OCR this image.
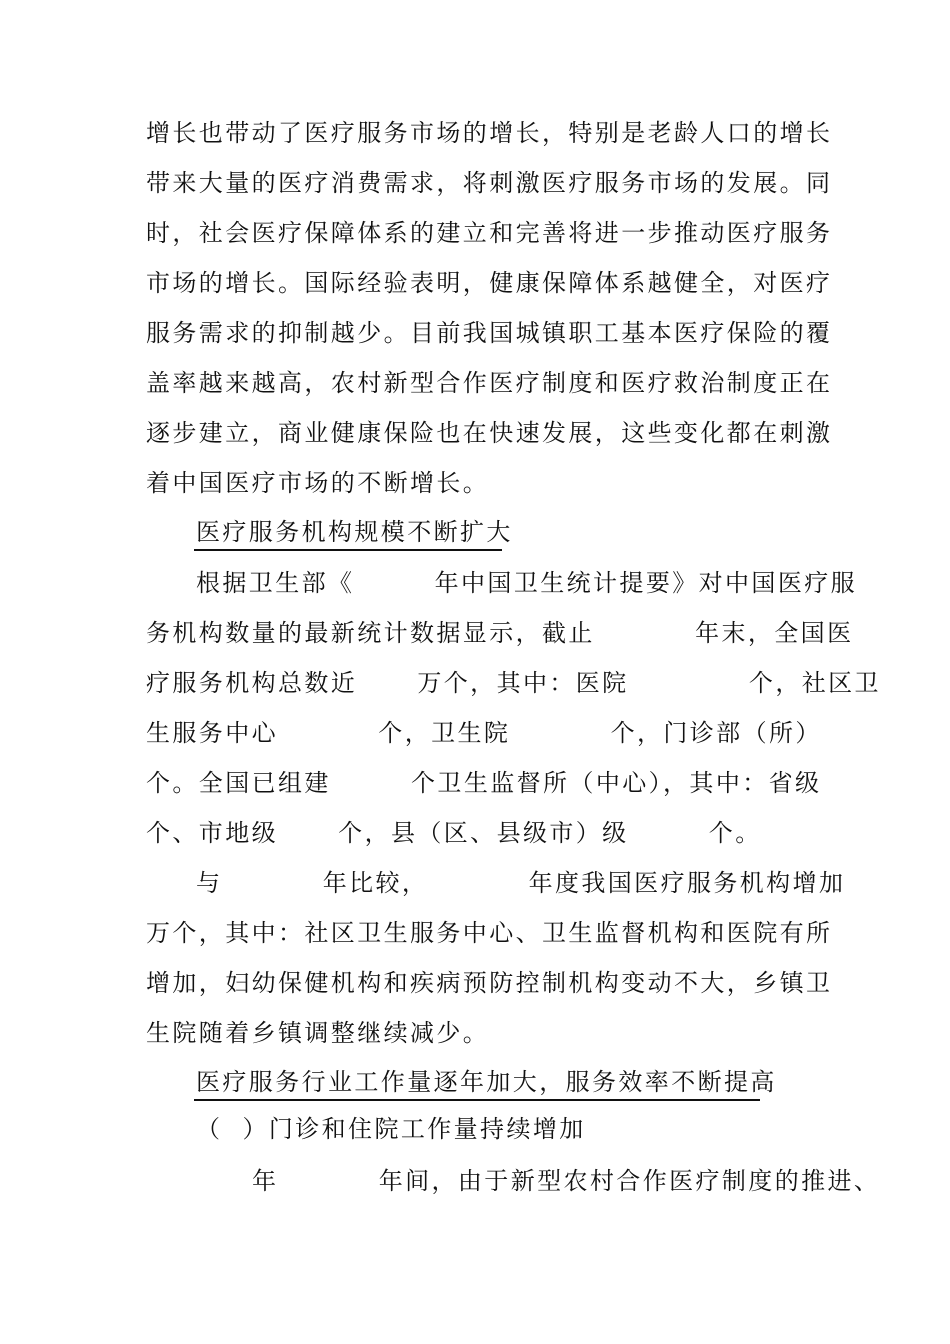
增长也带动了医疗服务市场的增长，特别是老龄人口的增长
带来大量的医疗消费需求，将刺激医疗服务市场的发展。同
时，社会医疗保障体系的建立和完善将进一步推动医疗服务
市场的增长。国际经验表明，健康保障体系越健全，对医疗
服务需求的抑制越少。目前我国城镇职工基本医疗保险的覆
盖率越来越高，农村新型合作医疗制度和医疗救治制度正在
逐步建立，商业健康保险也在快速发展，这些变化都在刺激
着中国医疗市场的不断增长。
医疗服务机构规模不断扩大
根据卫生部《        年中国卫生统计提要》对中国医疗服
务机构数量的最新统计数据显示，截止          年末，全国医
疗服务机构总数近      万个，其中：医院            个，社区卫
生服务中心          个，卫生院          个，门诊部（所）
个。全国已组建        个卫生监督所（中心），其中：省级
个、市地级      个，县（区、县级市）级        个。
与          年比较，          年度我国医疗服务机构增加
万个，其中：社区卫生服务中心、卫生监督机构和医院有所
增加，妇幼保健机构和疾病预防控制机构变动不大，乡镇卫
生院随着乡镇调整继续减少。
医疗服务行业工作量逐年加大，服务效率不断提高
（  ）门诊和住院工作量持续增加
年          年间，由于新型农村合作医疗制度的推进、
